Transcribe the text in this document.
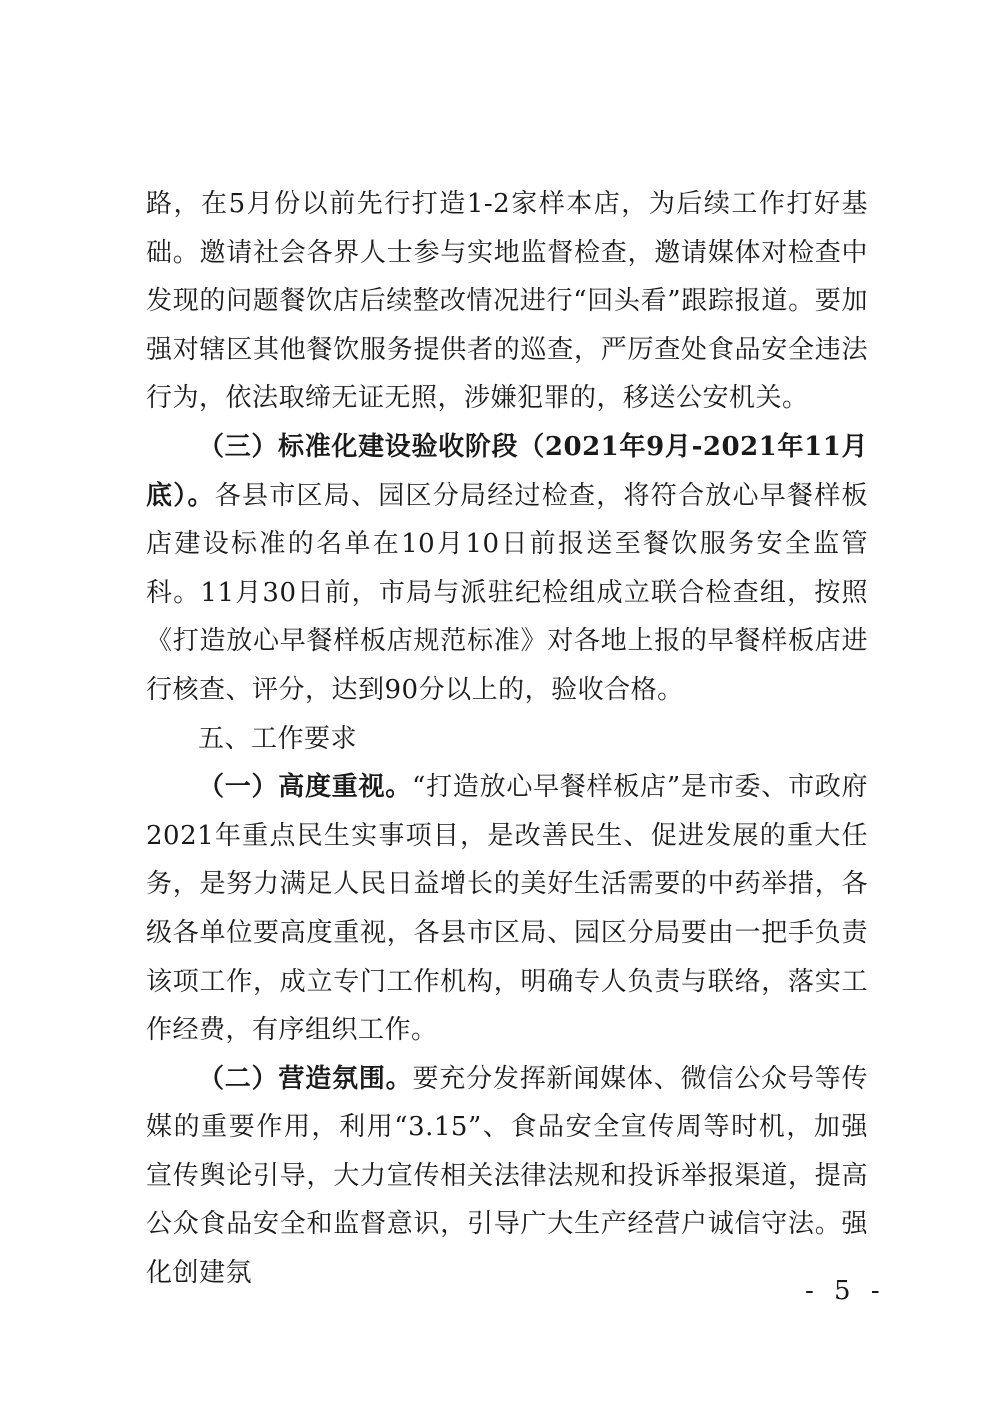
路，在5月份以前先行打造1-2家样本店，为后续工作打好基础。邀请社会各界人士参与实地监督检查，邀请媒体对检查中发现的问题餐饮店后续整改情况进行“回头看”跟踪报道。要加强对辖区其他餐饮服务提供者的巡查，严厉查处食品安全违法行为，依法取缔无证无照，涉嫌犯罪的，移送公安机关。

（三）标准化建设验收阶段（2021年9月-2021年11月底）。各县市区局、园区分局经过检查，将符合放心早餐样板店建设标准的名单在10月10日前报送至餐饮服务安全监管科。11月30日前，市局与派驻纪检组成立联合检查组，按照《打造放心早餐样板店规范标准》对各地上报的早餐样板店进行核查、评分，达到90分以上的，验收合格。

五、工作要求

（一）高度重视。“打造放心早餐样板店”是市委、市政府2021年重点民生实事项目，是改善民生、促进发展的重大任务，是努力满足人民日益增长的美好生活需要的中药举措，各级各单位要高度重视，各县市区局、园区分局要由一把手负责该项工作，成立专门工作机构，明确专人负责与联络，落实工作经费，有序组织工作。

（二）营造氛围。要充分发挥新闻媒体、微信公众号等传媒的重要作用，利用“3.15”、食品安全宣传周等时机，加强宣传舆论引导，大力宣传相关法律法规和投诉举报渠道，提高公众食品安全和监督意识，引导广大生产经营户诚信守法。强化创建氛

- 5 -
